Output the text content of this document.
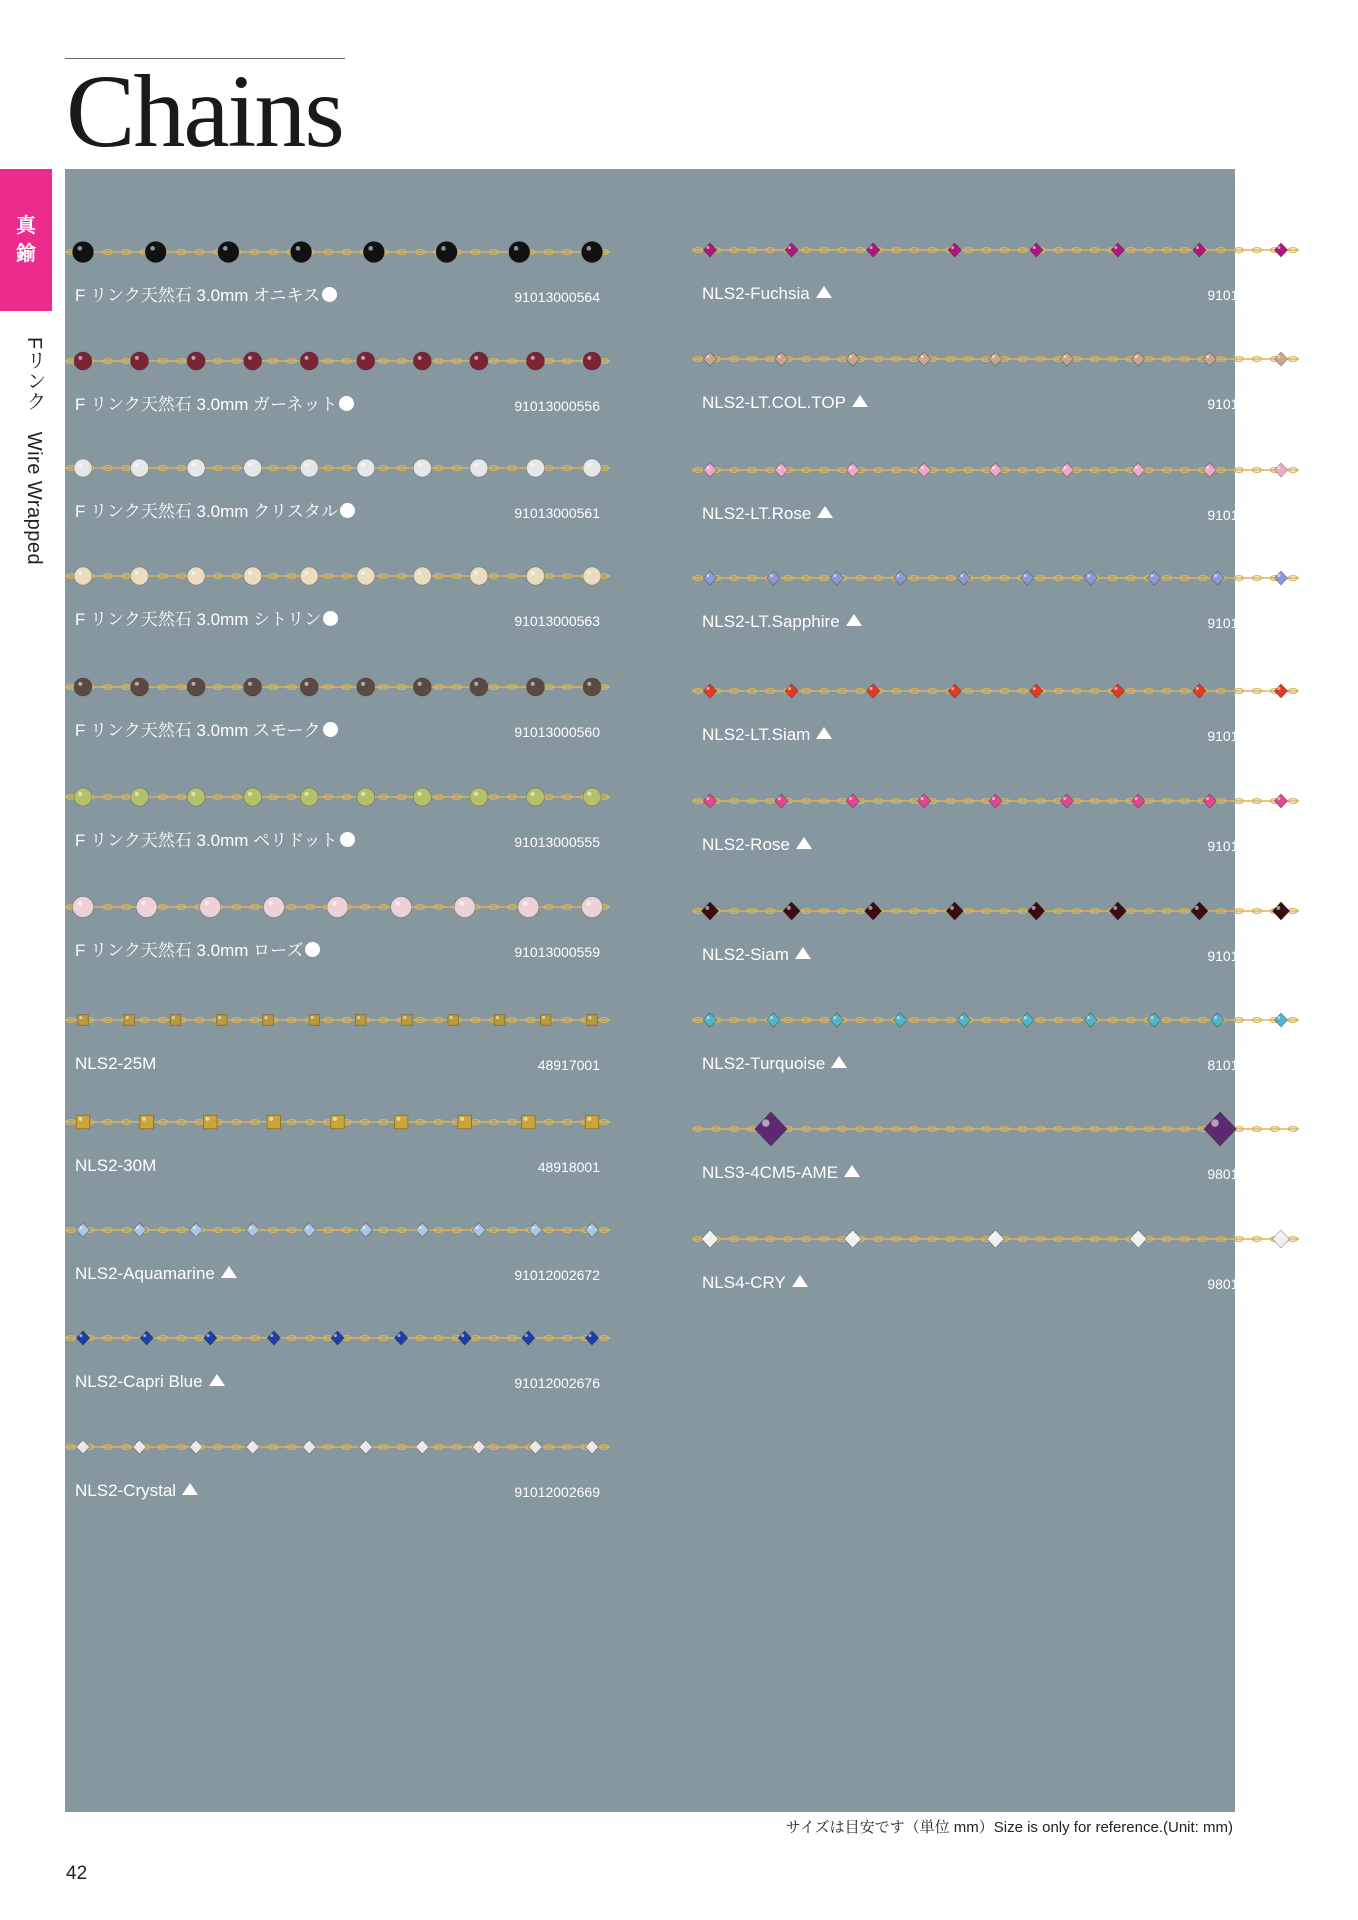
Chains
真
鍮
Fリンク　Wire Wrapped
F リンク天然石 3.0mm オニキス	91013000564
F リンク天然石 3.0mm ガーネット	91013000556
F リンク天然石 3.0mm クリスタル	91013000561
F リンク天然石 3.0mm シトリン	91013000563
F リンク天然石 3.0mm スモーク	91013000560
F リンク天然石 3.0mm ペリドット	91013000555
F リンク天然石 3.0mm ローズ	91013000559
NLS2-25M	48917001
NLS2-30M	48918001
NLS2-Aquamarine	91012002672
NLS2-Capri Blue	91012002676
NLS2-Crystal	91012002669
NLS2-Fuchsia	91012002685
NLS2-LT.COL.TOP	91012002682
NLS2-LT.Rose	91012002683
NLS2-LT.Sapphire	91012002673
NLS2-LT.Siam	91012002686
NLS2-Rose	91012002684
NLS2-Siam	91012002687
NLS2-Turquoise	81017000152
NLS3-4CM5-AME	98018000010
NLS4-CRY	98018000008
サイズは目安です（単位 mm）Size is only for reference.(Unit: mm)
42
